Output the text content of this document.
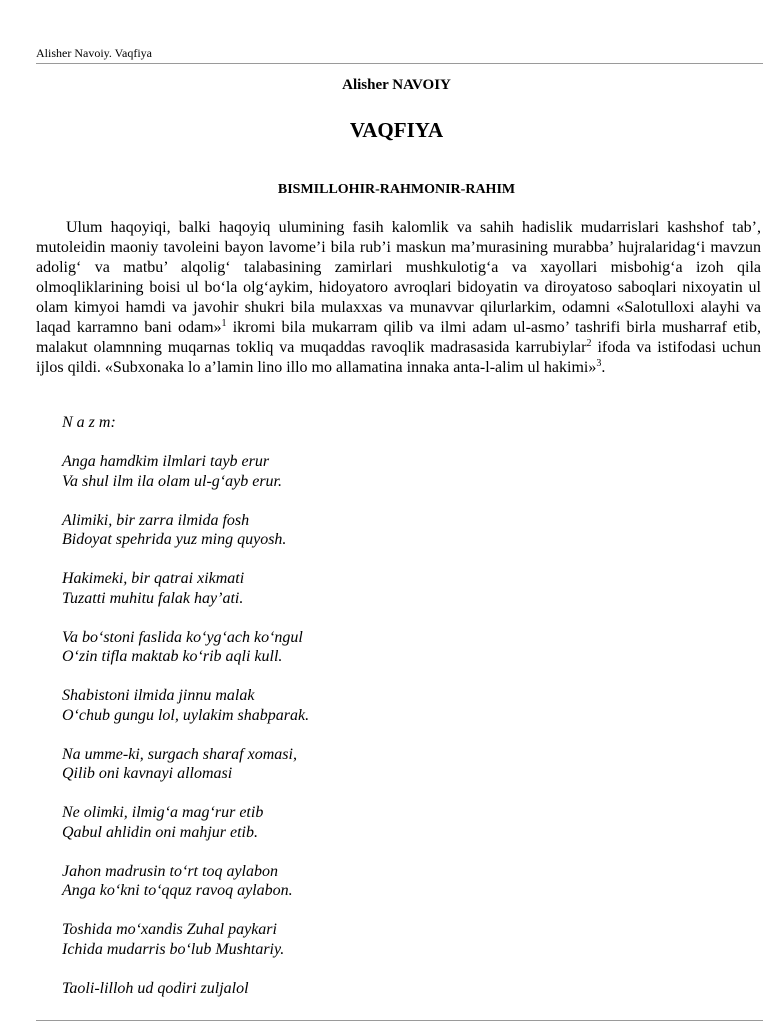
Alisher Navoiy. Vaqfiya
Alisher NAVOIY
VAQFIYA
BISMILLOHIR-RAHMONIR-RAHIM

Ulum haqoyiqi, balki haqoyiq ulumining fasih kalomlik va sahih hadislik mudarrislari kashshof tab’, mutoleidin maoniy tavoleini bayon lavome’i bila rub’i maskun ma’murasining murabba’ hujralaridag‘i mavzun adolig‘ va matbu’ alqolig‘ talabasining zamirlari mushkulotig‘a va xayollari misbohig‘a izoh qila olmoqliklarining boisi ul bo‘la olg‘aykim, hidoyatoro avroqlari bidoyatin va diroyatoso saboqlari nixoyatin ul olam kimyoi hamdi va javohir shukri bila mulaxxas va munavvar qilurlarkim, odamni «Salotulloxi alayhi va laqad karramno bani odam»$^1$ ikromi bila mukarram qilib va ilmi adam ul-asmo’ tashrifi birla musharraf etib, malakut olamnning muqarnas tokliq va muqaddas ravoqlik madrasasida karrubiylar$^2$ ifoda va istifodasi uchun ijlos qildi. «Subxonaka lo a’lamin lino illo mo allamatina innaka anta-l-alim ul hakimi»$^3$.

N a z m:
Anga hamdkim ilmlari tayb erur
Va shul ilm ila olam ul-g‘ayb erur.
Alimiki, bir zarra ilmida fosh
Bidoyat spehrida yuz ming quyosh.
Hakimeki, bir qatrai xikmati
Tuzatti muhitu falak hay’ati.
Va bo‘stoni faslida ko‘yg‘ach ko‘ngul
O‘zin tifla maktab ko‘rib aqli kull.
Shabistoni ilmida jinnu malak
O‘chub gungu lol, uylakim shabparak.
Na umme-ki, surgach sharaf xomasi,
Qilib oni kavnayi allomasi
Ne olimki, ilmig‘a mag‘rur etib
Qabul ahlidin oni mahjur etib.
Jahon madrusin to‘rt toq aylabon
Anga ko‘kni to‘qquz ravoq aylabon.
Toshida mo‘xandis Zuhal paykari
Ichida mudarris bo‘lub Mushtariy.
Taoli-lilloh ud qodiri zuljalol
